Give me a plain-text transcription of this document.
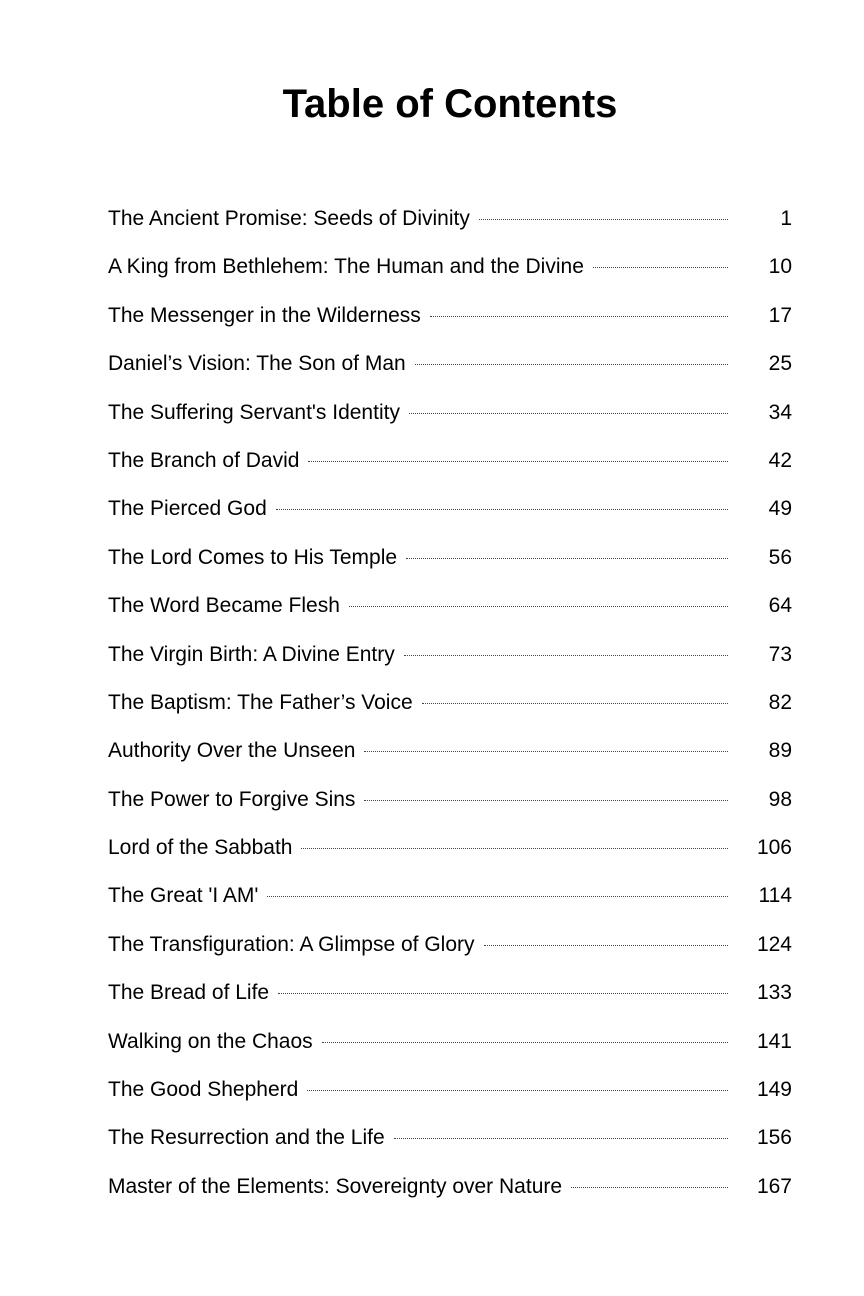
Table of Contents
The Ancient Promise: Seeds of Divinity	1
A King from Bethlehem: The Human and the Divine	10
The Messenger in the Wilderness	17
Daniel’s Vision: The Son of Man	25
The Suffering Servant's Identity	34
The Branch of David	42
The Pierced God	49
The Lord Comes to His Temple	56
The Word Became Flesh	64
The Virgin Birth: A Divine Entry	73
The Baptism: The Father’s Voice	82
Authority Over the Unseen	89
The Power to Forgive Sins	98
Lord of the Sabbath	106
The Great 'I AM'	114
The Transfiguration: A Glimpse of Glory	124
The Bread of Life	133
Walking on the Chaos	141
The Good Shepherd	149
The Resurrection and the Life	156
Master of the Elements: Sovereignty over Nature	167
